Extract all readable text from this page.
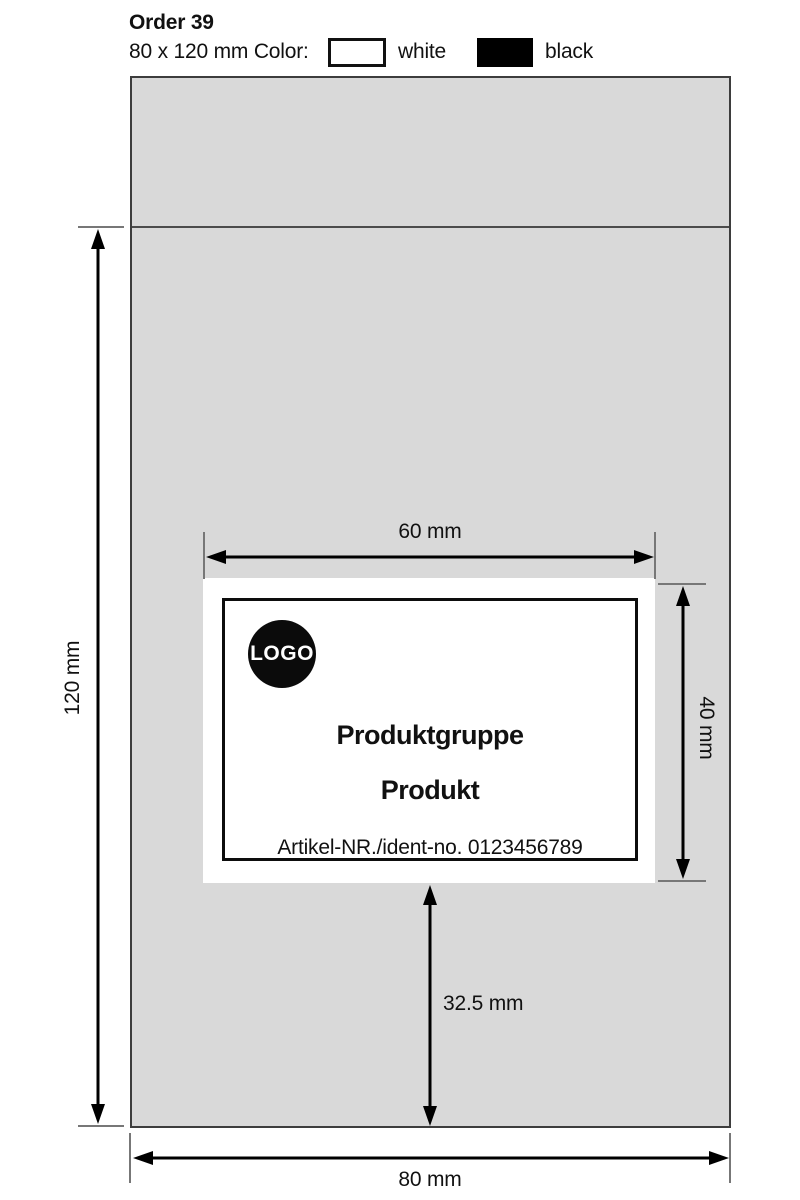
Order 39
80 x 120 mm Color:	white	black
LOGO
Produktgruppe
Produkt
Artikel-NR./ident-no. 0123456789
60 mm
40 mm
120 mm
32.5 mm
80 mm
